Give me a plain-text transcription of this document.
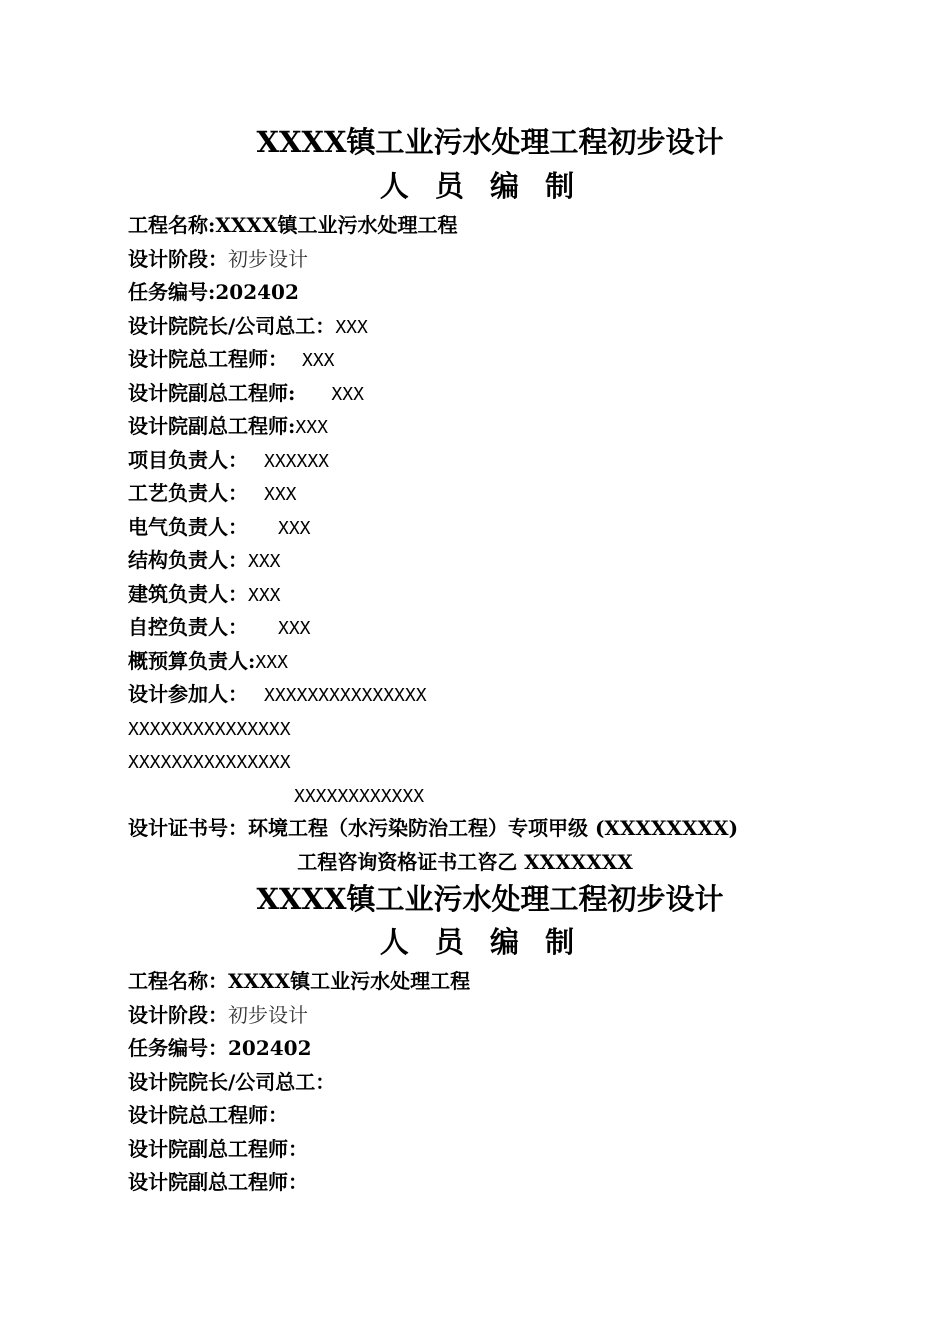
XXXX镇工业污水处理工程初步设计
人员编制
工程名称:XXXX镇工业污水处理工程
设计阶段：初步设计
任务编号:202402
设计院院长/公司总工：XXX
设计院总工程师： XXX
设计院副总工程师: XXX
设计院副总工程师:XXX
项目负责人： XXXXXX
工艺负责人： XXX
电气负责人： XXX
结构负责人：XXX
建筑负责人：XXX
自控负责人： XXX
概预算负责人:XXX
设计参加人： XXXXXXXXXXXXXXX
XXXXXXXXXXXXXXX
XXXXXXXXXXXXXXX
XXXXXXXXXXXX
设计证书号：环境工程（水污染防治工程）专项甲级 (XXXXXXXX)
工程咨询资格证书工咨乙 XXXXXXX
XXXX镇工业污水处理工程初步设计
人员编制
工程名称：XXXX镇工业污水处理工程
设计阶段：初步设计
任务编号：202402
设计院院长/公司总工：
设计院总工程师：
设计院副总工程师：
设计院副总工程师：
